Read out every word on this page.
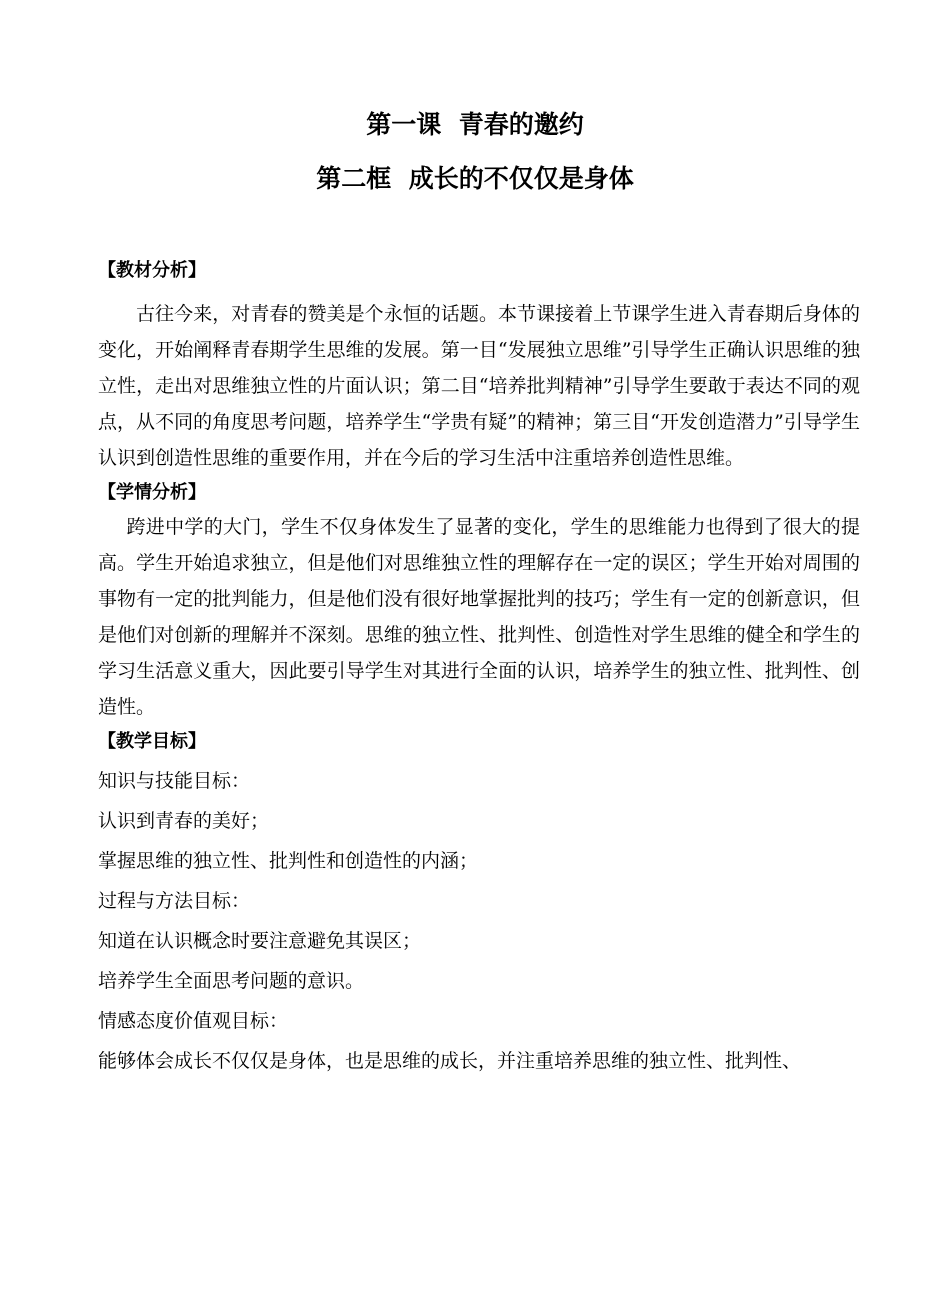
第一课  青春的邀约
第二框  成长的不仅仅是身体

【教材分析】

古往今来，对青春的赞美是个永恒的话题。本节课接着上节课学生进入青春期后身体的变化，开始阐释青春期学生思维的发展。第一目“发展独立思维”引导学生正确认识思维的独立性，走出对思维独立性的片面认识；第二目“培养批判精神”引导学生要敢于表达不同的观点，从不同的角度思考问题，培养学生“学贵有疑”的精神；第三目“开发创造潜力”引导学生认识到创造性思维的重要作用，并在今后的学习生活中注重培养创造性思维。

【学情分析】

跨进中学的大门，学生不仅身体发生了显著的变化，学生的思维能力也得到了很大的提高。学生开始追求独立，但是他们对思维独立性的理解存在一定的误区；学生开始对周围的事物有一定的批判能力，但是他们没有很好地掌握批判的技巧；学生有一定的创新意识，但是他们对创新的理解并不深刻。思维的独立性、批判性、创造性对学生思维的健全和学生的学习生活意义重大，因此要引导学生对其进行全面的认识，培养学生的独立性、批判性、创造性。

【教学目标】

知识与技能目标：

认识到青春的美好；

掌握思维的独立性、批判性和创造性的内涵；

过程与方法目标：

知道在认识概念时要注意避免其误区；

培养学生全面思考问题的意识。

情感态度价值观目标：

能够体会成长不仅仅是身体，也是思维的成长，并注重培养思维的独立性、批判性、
